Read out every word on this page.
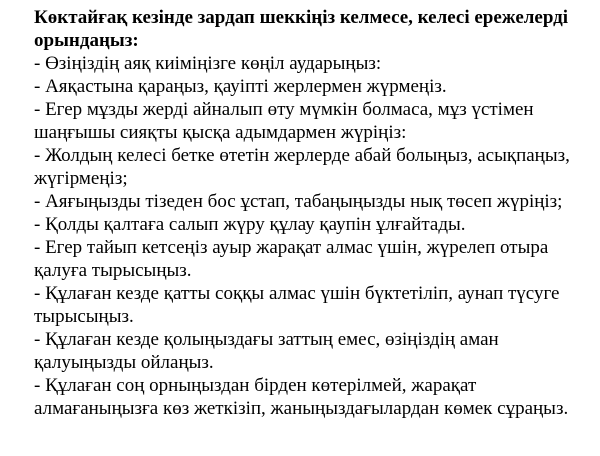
Көктайғақ кезінде зардап шеккіңіз келмесе, келесі ережелерді орындаңыз:

- Өзіңіздің аяқ киіміңізге көңіл аударыңыз:
- Аяқастына қараңыз, қауіпті жерлермен жүрмеңіз.
- Егер мұзды жерді айналып өту мүмкін болмаса, мұз үстімен шаңғышы сияқты қысқа адымдармен жүріңіз:
- Жолдың келесі бетке өтетін жерлерде абай болыңыз, асықпаңыз, жүгірмеңіз;
- Аяғыңызды тізеден бос ұстап, табаңыңызды нық төсеп жүріңіз;
- Қолды қалтаға салып жүру құлау қаупін ұлғайтады.
- Егер тайып кетсеңіз ауыр жарақат алмас үшін, жүрелеп отыра қалуға тырысыңыз.
- Құлаған кезде қатты соққы алмас үшін бүктетіліп, аунап түсуге тырысыңыз.
- Құлаған кезде қолыңыздағы заттың емес, өзіңіздің аман қалуыңызды ойлаңыз.
- Құлаған соң орныңыздан бірден көтерілмей, жарақат алмағаныңызға көз жеткізіп, жаныңыздағылардан көмек сұраңыз.
